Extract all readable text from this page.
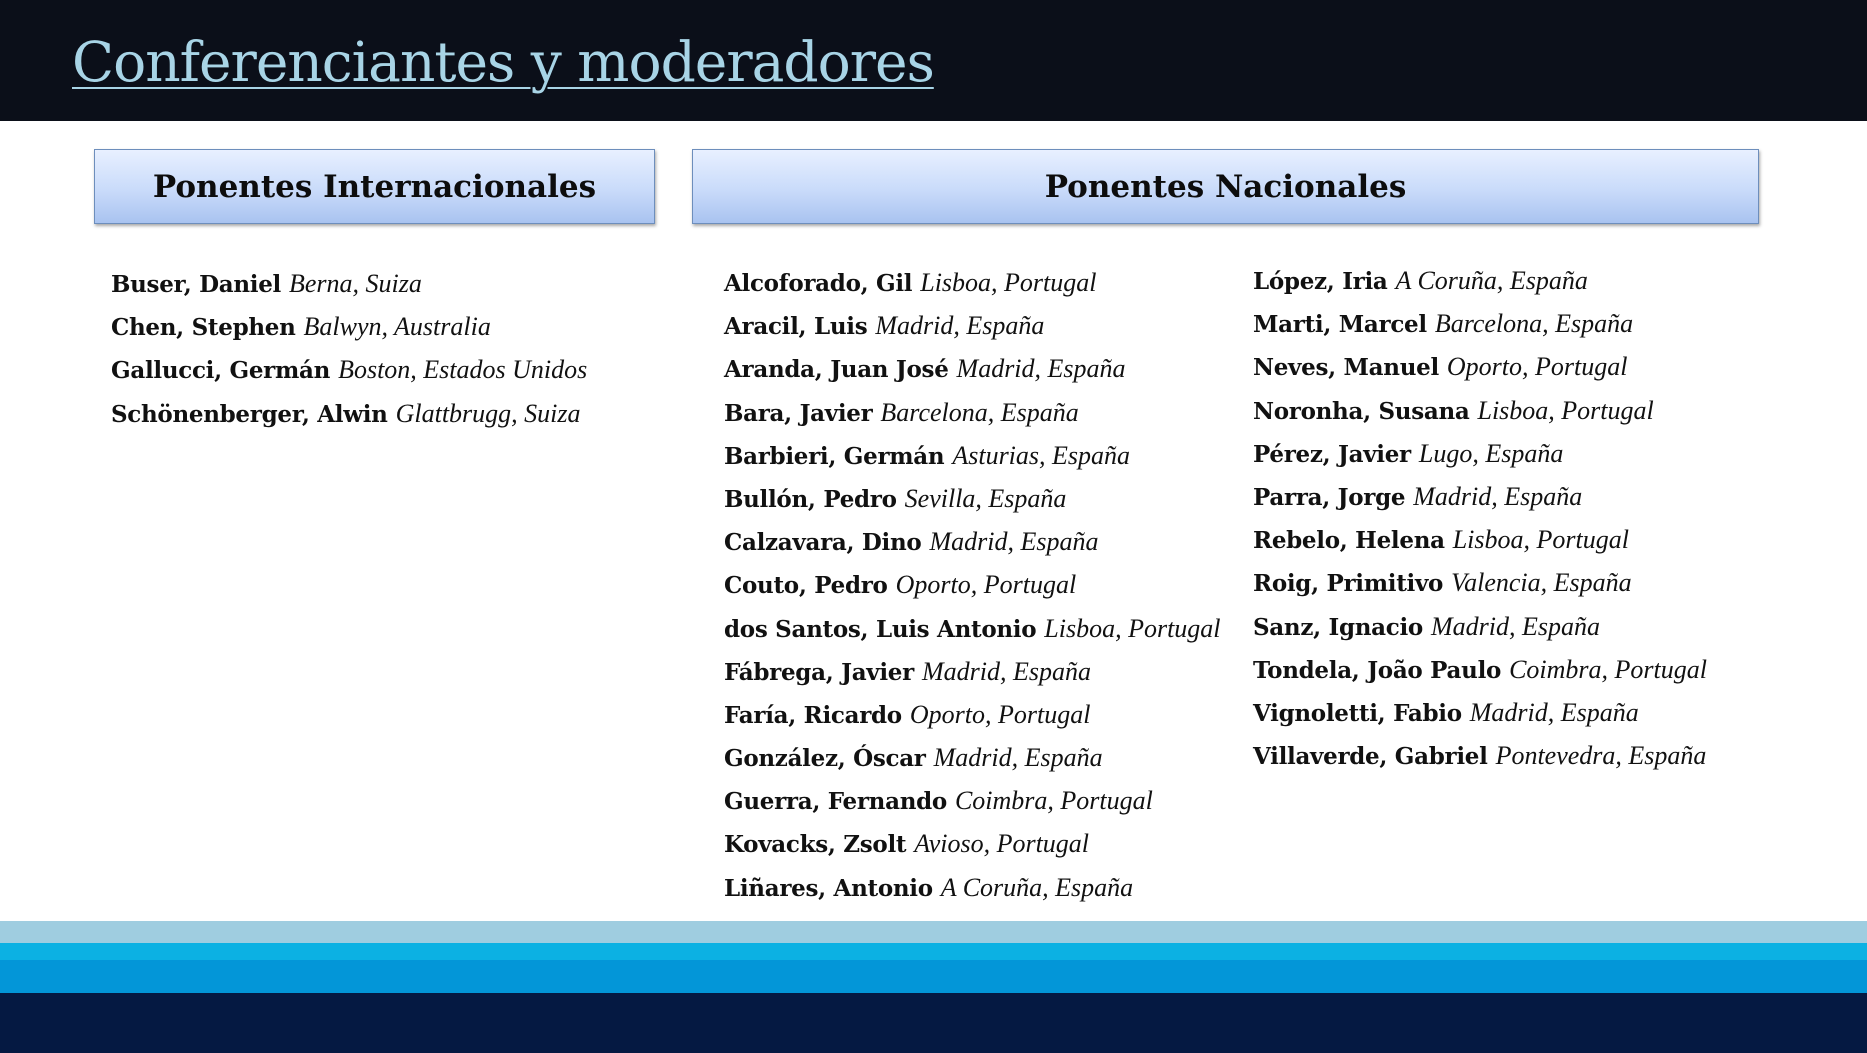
Conferenciantes y moderadores
Ponentes Internacionales	Ponentes Nacionales
Buser, Daniel Berna, Suiza
Chen, Stephen Balwyn, Australia
Gallucci, Germán Boston, Estados Unidos
Schönenberger, Alwin Glattbrugg, Suiza
Alcoforado, Gil Lisboa, Portugal
Aracil, Luis Madrid, España
Aranda, Juan José Madrid, España
Bara, Javier Barcelona, España
Barbieri, Germán Asturias, España
Bullón, Pedro Sevilla, España
Calzavara, Dino Madrid, España
Couto, Pedro Oporto, Portugal
dos Santos, Luis Antonio Lisboa, Portugal
Fábrega, Javier Madrid, España
Faría, Ricardo Oporto, Portugal
González, Óscar Madrid, España
Guerra, Fernando Coimbra, Portugal
Kovacks, Zsolt Avioso, Portugal
Liñares, Antonio A Coruña, España
López, Iria A Coruña, España
Marti, Marcel Barcelona, España
Neves, Manuel Oporto, Portugal
Noronha, Susana Lisboa, Portugal
Pérez, Javier Lugo, España
Parra, Jorge Madrid, España
Rebelo, Helena Lisboa, Portugal
Roig, Primitivo Valencia, España
Sanz, Ignacio Madrid, España
Tondela, João Paulo Coimbra, Portugal
Vignoletti, Fabio Madrid, España
Villaverde, Gabriel Pontevedra, España
